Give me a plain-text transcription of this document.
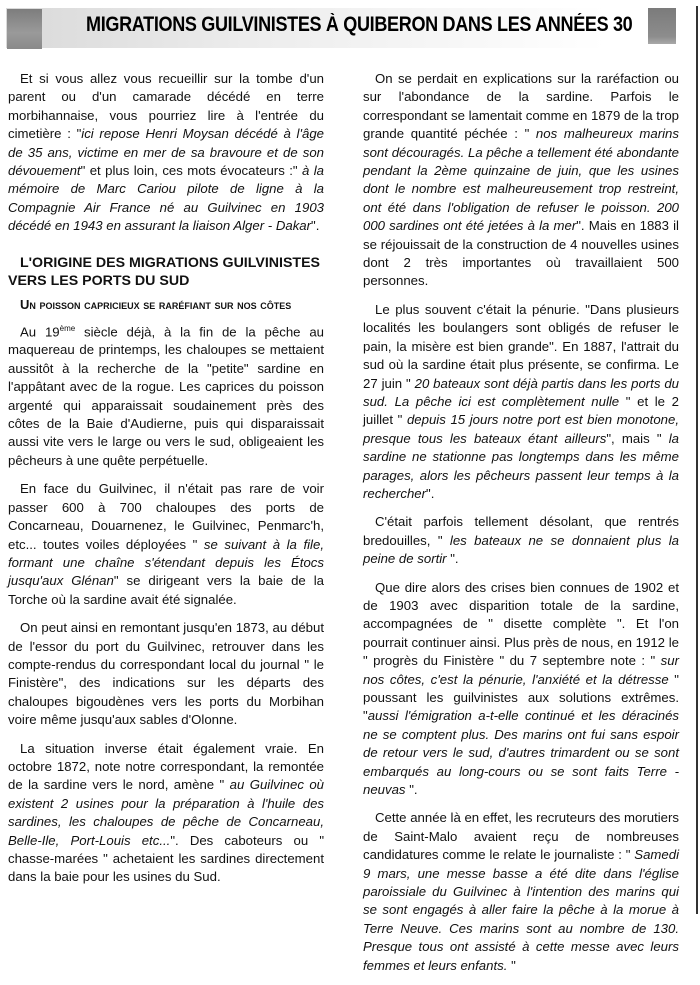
MIGRATIONS GUILVINISTES À QUIBERON DANS LES ANNÉES 30

Et si vous allez vous recueillir sur la tombe d'un parent ou d'un camarade décédé en terre morbihannaise, vous pourriez lire à l'entrée du cimetière : "ici repose Henri Moysan décédé à l'âge de 35 ans, victime en mer de sa bravoure et de son dévouement" et plus loin, ces mots évocateurs :" à la mémoire de Marc Cariou pilote de ligne à la Compagnie Air France né au Guilvinec en 1903 décédé en 1943 en assurant la liaison Alger - Dakar".

L'ORIGINE DES MIGRATIONS GUILVINISTES VERS LES PORTS DU SUD
Un poisson capricieux se raréfiant sur nos côtes

Au 19ème siècle déjà, à la fin de la pêche au maquereau de printemps, les chaloupes se mettaient aussitôt à la recherche de la "petite" sardine en l'appâtant avec de la rogue. Les caprices du poisson argenté qui apparaissait soudainement près des côtes de la Baie d'Audierne, puis qui disparaissait aussi vite vers le large ou vers le sud, obligeaient les pêcheurs à une quête perpétuelle.

En face du Guilvinec, il n'était pas rare de voir passer 600 à 700 chaloupes des ports de Concarneau, Douarnenez, le Guilvinec, Penmarc'h, etc... toutes voiles déployées " se suivant à la file, formant une chaîne s'étendant depuis les Étocs jusqu'aux Glénan" se dirigeant vers la baie de la Torche où la sardine avait été signalée.

On peut ainsi en remontant jusqu'en 1873, au début de l'essor du port du Guilvinec, retrouver dans les compte-rendus du correspondant local du journal " le Finistère", des indications sur les départs des chaloupes bigoudènes vers les ports du Morbihan voire même jusqu'aux sables d'Olonne.

La situation inverse était également vraie. En octobre 1872, note notre correspondant, la remontée de la sardine vers le nord, amène " au Guilvinec où existent 2 usines pour la préparation à l'huile des sardines, les chaloupes de pêche de Concarneau, Belle-Ile, Port-Louis etc...". Des caboteurs ou " chasse-marées " achetaient les sardines directement dans la baie pour les usines du Sud.

On se perdait en explications sur la raréfaction ou sur l'abondance de la sardine. Parfois le correspondant se lamentait comme en 1879 de la trop grande quantité péchée : " nos malheureux marins sont découragés. La pêche a tellement été abondante pendant la 2ème quinzaine de juin, que les usines dont le nombre est malheureusement trop restreint, ont été dans l'obligation de refuser le poisson. 200 000 sardines ont été jetées à la mer". Mais en 1883 il se réjouissait de la construction de 4 nouvelles usines dont 2 très importantes où travaillaient 500 personnes.

Le plus souvent c'était la pénurie. "Dans plusieurs localités les boulangers sont obligés de refuser le pain, la misère est bien grande". En 1887, l'attrait du sud où la sardine était plus présente, se confirma. Le 27 juin " 20 bateaux sont déjà partis dans les ports du sud. La pêche ici est complètement nulle " et le 2 juillet " depuis 15 jours notre port est bien monotone, presque tous les bateaux étant ailleurs", mais " la sardine ne stationne pas longtemps dans les même parages, alors les pêcheurs passent leur temps à la rechercher".

C'était parfois tellement désolant, que rentrés bredouilles, " les bateaux ne se donnaient plus la peine de sortir ".

Que dire alors des crises bien connues de 1902 et de 1903 avec disparition totale de la sardine, accompagnées de " disette complète ". Et l'on pourrait continuer ainsi. Plus près de nous, en 1912 le " progrès du Finistère " du 7 septembre note : " sur nos côtes, c'est la pénurie, l'anxiété et la détresse " poussant les guilvinistes aux solutions extrêmes. "aussi l'émigration a-t-elle continué et les déracinés ne se comptent plus. Des marins ont fui sans espoir de retour vers le sud, d'autres trimardent ou se sont embarqués au long-cours ou se sont faits Terre -neuvas ".

Cette année là en effet, les recruteurs des morutiers de Saint-Malo avaient reçu de nombreuses candidatures comme le relate le journaliste : " Samedi 9 mars, une messe basse a été dite dans l'église paroissiale du Guilvinec à l'intention des marins qui se sont engagés à aller faire la pêche à la morue à Terre Neuve. Ces marins sont au nombre de 130. Presque tous ont assisté à cette messe avec leurs femmes et leurs enfants. "
